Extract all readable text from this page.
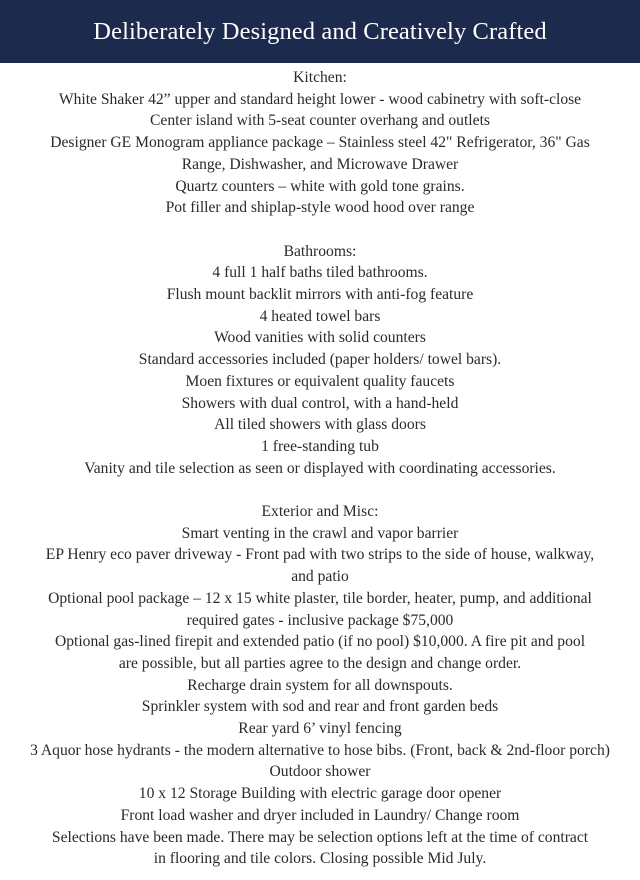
Deliberately Designed and Creatively Crafted
Kitchen:
White Shaker 42” upper and standard height lower - wood cabinetry with soft-close
Center island with 5-seat counter overhang and outlets
Designer GE Monogram appliance package – Stainless steel 42" Refrigerator, 36" Gas
Range, Dishwasher, and Microwave Drawer
Quartz counters – white with gold tone grains.
Pot filler and shiplap-style wood hood over range
Bathrooms:
4 full 1 half baths tiled bathrooms.
Flush mount backlit mirrors with anti-fog feature
4 heated towel bars
Wood vanities with solid counters
Standard accessories included (paper holders/ towel bars).
Moen fixtures or equivalent quality faucets
Showers with dual control, with a hand-held
All tiled showers with glass doors
1 free-standing tub
Vanity and tile selection as seen or displayed with coordinating accessories.
Exterior and Misc:
Smart venting in the crawl and vapor barrier
EP Henry eco paver driveway - Front pad with two strips to the side of house, walkway,
and patio
Optional pool package – 12 x 15 white plaster, tile border, heater, pump, and additional
required gates - inclusive package $75,000
Optional gas-lined firepit and extended patio (if no pool) $10,000. A fire pit and pool
are possible, but all parties agree to the design and change order.
Recharge drain system for all downspouts.
Sprinkler system with sod and rear and front garden beds
Rear yard 6’ vinyl fencing
3 Aquor hose hydrants - the modern alternative to hose bibs. (Front, back & 2nd-floor porch)
Outdoor shower
10 x 12 Storage Building with electric garage door opener
Front load washer and dryer included in Laundry/ Change room
Selections have been made. There may be selection options left at the time of contract
in flooring and tile colors. Closing possible Mid July.
